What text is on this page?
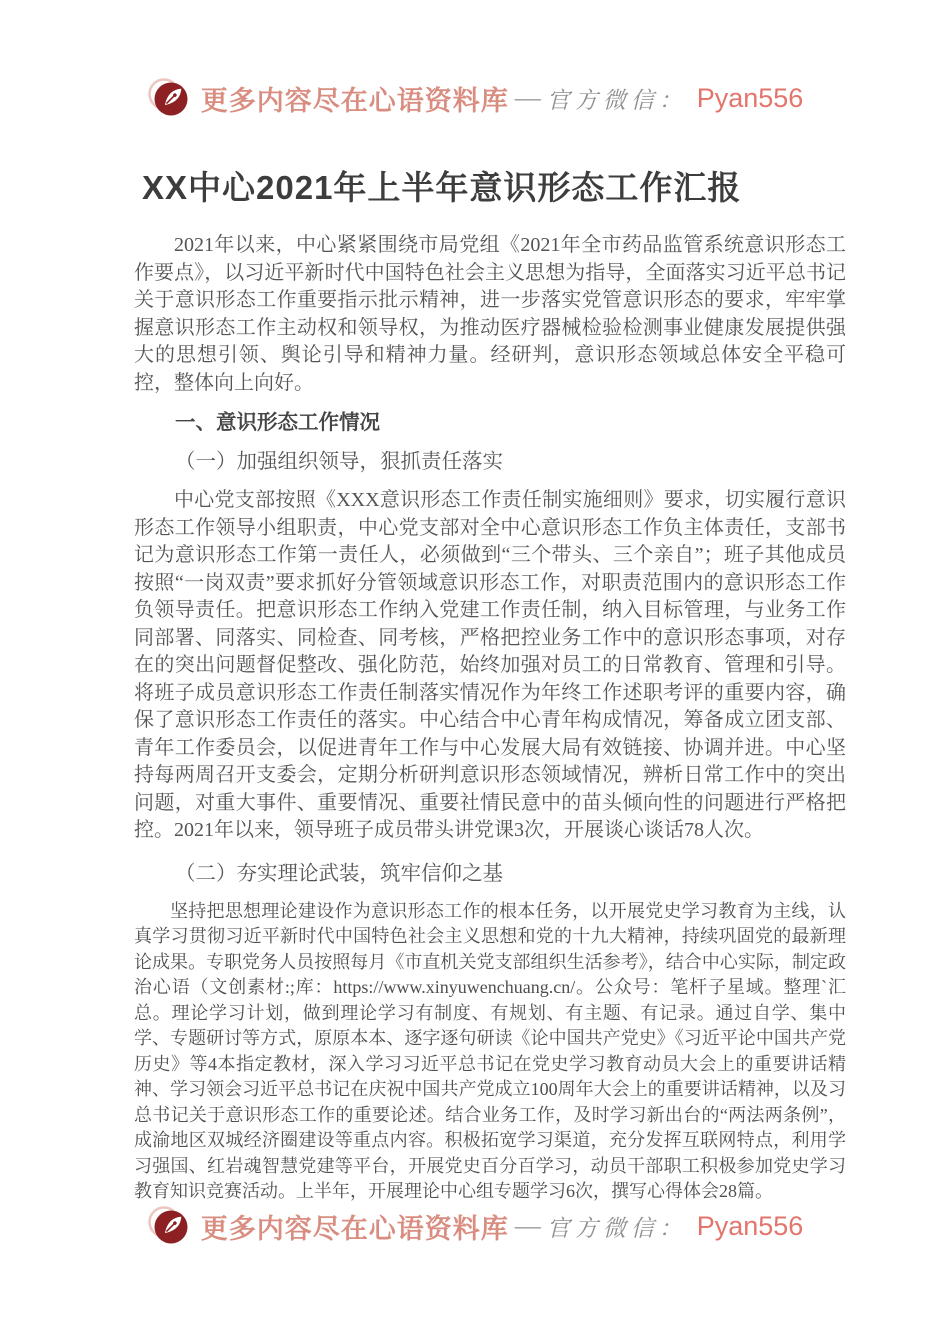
更多内容尽在心语资料库 — 官方微信： Pyan556
XX中心2021年上半年意识形态工作汇报

2021年以来，中心紧紧围绕市局党组《2021年全市药品监管系统意识形态工作要点》，以习近平新时代中国特色社会主义思想为指导，全面落实习近平总书记关于意识形态工作重要指示批示精神，进一步落实党管意识形态的要求，牢牢掌握意识形态工作主动权和领导权，为推动医疗器械检验检测事业健康发展提供强大的思想引领、舆论引导和精神力量。经研判，意识形态领域总体安全平稳可控，整体向上向好。

一、意识形态工作情况

（一）加强组织领导，狠抓责任落实

中心党支部按照《XXX意识形态工作责任制实施细则》要求，切实履行意识形态工作领导小组职责，中心党支部对全中心意识形态工作负主体责任，支部书记为意识形态工作第一责任人，必须做到“三个带头、三个亲自”；班子其他成员按照“一岗双责”要求抓好分管领域意识形态工作，对职责范围内的意识形态工作负领导责任。把意识形态工作纳入党建工作责任制，纳入目标管理，与业务工作同部署、同落实、同检查、同考核，严格把控业务工作中的意识形态事项，对存在的突出问题督促整改、强化防范，始终加强对员工的日常教育、管理和引导。将班子成员意识形态工作责任制落实情况作为年终工作述职考评的重要内容，确保了意识形态工作责任的落实。中心结合中心青年构成情况，筹备成立团支部、青年工作委员会，以促进青年工作与中心发展大局有效链接、协调并进。中心坚持每两周召开支委会，定期分析研判意识形态领域情况，辨析日常工作中的突出问题，对重大事件、重要情况、重要社情民意中的苗头倾向性的问题进行严格把控。2021年以来，领导班子成员带头讲党课3次，开展谈心谈话78人次。

（二）夯实理论武装，筑牢信仰之基

坚持把思想理论建设作为意识形态工作的根本任务，以开展党史学习教育为主线，认真学习贯彻习近平新时代中国特色社会主义思想和党的十九大精神，持续巩固党的最新理论成果。专职党务人员按照每月《市直机关党支部组织生活参考》，结合中心实际，制定政治心语（文创素材:;库：https://www.xinyuwenchuang.cn/。公众号：笔杆子星域。整理`汇总。理论学习计划，做到理论学习有制度、有规划、有主题、有记录。通过自学、集中学、专题研讨等方式，原原本本、逐字逐句研读《论中国共产党史》《习近平论中国共产党历史》等4本指定教材，深入学习习近平总书记在党史学习教育动员大会上的重要讲话精神、学习领会习近平总书记在庆祝中国共产党成立100周年大会上的重要讲话精神，以及习总书记关于意识形态工作的重要论述。结合业务工作，及时学习新出台的“两法两条例”，成渝地区双城经济圈建设等重点内容。积极拓宽学习渠道，充分发挥互联网特点，利用学习强国、红岩魂智慧党建等平台，开展党史百分百学习，动员干部职工积极参加党史学习教育知识竞赛活动。上半年，开展理论中心组专题学习6次，撰写心得体会28篇。

更多内容尽在心语资料库 — 官方微信： Pyan556
